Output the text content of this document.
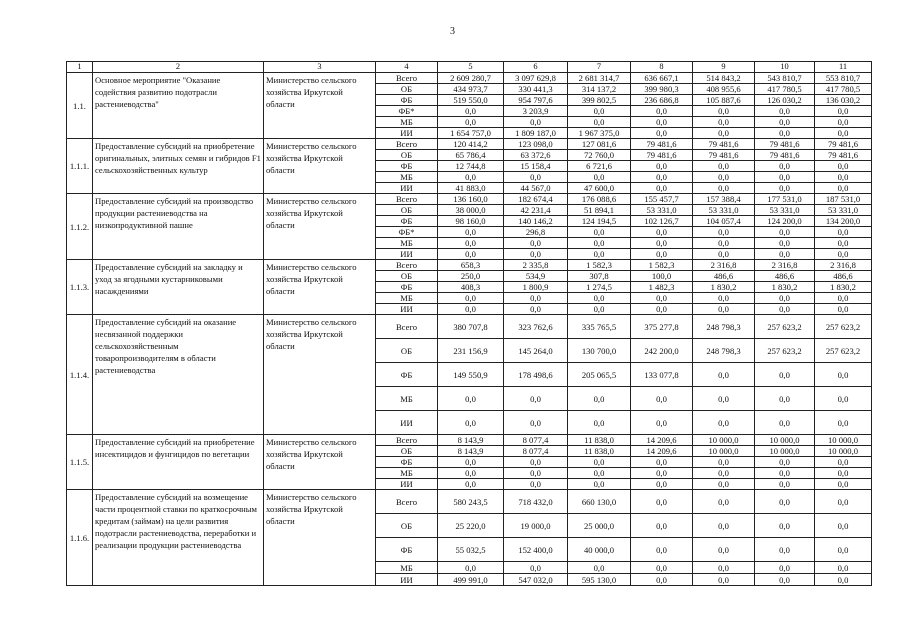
3
1	2	3	4	5	6	7	8	9	10	11
1.1.	Основное мероприятие "Оказание содействия развитию подотрасли растениеводства"	Министерство сельского хозяйства Иркутской области	Всего	2 609 280,7	3 097 629,8	2 681 314,7	636 667,1	514 843,2	543 810,7	553 810,7
			ОБ	434 973,7	330 441,3	314 137,2	399 980,3	408 955,6	417 780,5	417 780,5
			ФБ	519 550,0	954 797,6	399 802,5	236 686,8	105 887,6	126 030,2	136 030,2
			ФБ*	0,0	3 203,9	0,0	0,0	0,0	0,0	0,0
			МБ	0,0	0,0	0,0	0,0	0,0	0,0	0,0
			ИИ	1 654 757,0	1 809 187,0	1 967 375,0	0,0	0,0	0,0	0,0
1.1.1.	Предоставление субсидий на приобретение оригинальных, элитных семян и гибридов F1 сельскохозяйственных культур	Министерство сельского хозяйства Иркутской области	Всего	120 414,2	123 098,0	127 081,6	79 481,6	79 481,6	79 481,6	79 481,6
			ОБ	65 786,4	63 372,6	72 760,0	79 481,6	79 481,6	79 481,6	79 481,6
			ФБ	12 744,8	15 158,4	6 721,6	0,0	0,0	0,0	0,0
			МБ	0,0	0,0	0,0	0,0	0,0	0,0	0,0
			ИИ	41 883,0	44 567,0	47 600,0	0,0	0,0	0,0	0,0
1.1.2.	Предоставление субсидий на производство продукции растениеводства на низкопродуктивной пашне	Министерство сельского хозяйства Иркутской области	Всего	136 160,0	182 674,4	176 088,6	155 457,7	157 388,4	177 531,0	187 531,0
			ОБ	38 000,0	42 231,4	51 894,1	53 331,0	53 331,0	53 331,0	53 331,0
			ФБ	98 160,0	140 146,2	124 194,5	102 126,7	104 057,4	124 200,0	134 200,0
			ФБ*	0,0	296,8	0,0	0,0	0,0	0,0	0,0
			МБ	0,0	0,0	0,0	0,0	0,0	0,0	0,0
			ИИ	0,0	0,0	0,0	0,0	0,0	0,0	0,0
1.1.3.	Предоставление субсидий на закладку и уход за ягодными кустарниковыми насаждениями	Министерство сельского хозяйства Иркутской области	Всего	658,3	2 335,8	1 582,3	1 582,3	2 316,8	2 316,8	2 316,8
			ОБ	250,0	534,9	307,8	100,0	486,6	486,6	486,6
			ФБ	408,3	1 800,9	1 274,5	1 482,3	1 830,2	1 830,2	1 830,2
			МБ	0,0	0,0	0,0	0,0	0,0	0,0	0,0
			ИИ	0,0	0,0	0,0	0,0	0,0	0,0	0,0
1.1.4.	Предоставление субсидий на оказание несвязанной поддержки сельскохозяйственным товаропроизводителям в области растениеводства	Министерство сельского хозяйства Иркутской области	Всего	380 707,8	323 762,6	335 765,5	375 277,8	248 798,3	257 623,2	257 623,2
			ОБ	231 156,9	145 264,0	130 700,0	242 200,0	248 798,3	257 623,2	257 623,2
			ФБ	149 550,9	178 498,6	205 065,5	133 077,8	0,0	0,0	0,0
			МБ	0,0	0,0	0,0	0,0	0,0	0,0	0,0
			ИИ	0,0	0,0	0,0	0,0	0,0	0,0	0,0
1.1.5.	Предоставление субсидий на приобретение инсектицидов и фунгицидов по вегетации	Министерство сельского хозяйства Иркутской области	Всего	8 143,9	8 077,4	11 838,0	14 209,6	10 000,0	10 000,0	10 000,0
			ОБ	8 143,9	8 077,4	11 838,0	14 209,6	10 000,0	10 000,0	10 000,0
			ФБ	0,0	0,0	0,0	0,0	0,0	0,0	0,0
			МБ	0,0	0,0	0,0	0,0	0,0	0,0	0,0
			ИИ	0,0	0,0	0,0	0,0	0,0	0,0	0,0
1.1.6.	Предоставление субсидий на возмещение части процентной ставки по краткосрочным кредитам (займам) на цели развития подотрасли растениеводства, переработки и реализации продукции растениеводства	Министерство сельского хозяйства Иркутской области	Всего	580 243,5	718 432,0	660 130,0	0,0	0,0	0,0	0,0
			ОБ	25 220,0	19 000,0	25 000,0	0,0	0,0	0,0	0,0
			ФБ	55 032,5	152 400,0	40 000,0	0,0	0,0	0,0	0,0
			МБ	0,0	0,0	0,0	0,0	0,0	0,0	0,0
			ИИ	499 991,0	547 032,0	595 130,0	0,0	0,0	0,0	0,0
